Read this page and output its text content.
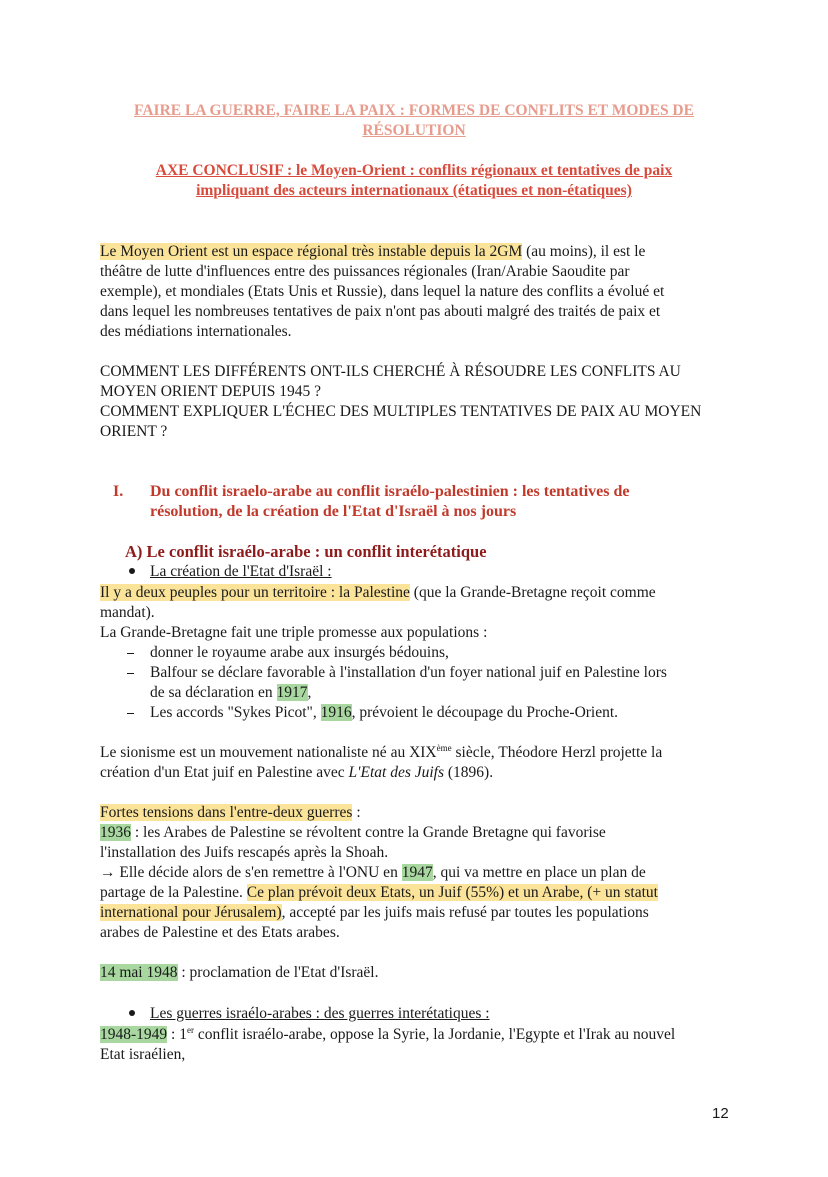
FAIRE LA GUERRE, FAIRE LA PAIX : FORMES DE CONFLITS ET MODES DE
RÉSOLUTION
AXE CONCLUSIF : le Moyen-Orient : conflits régionaux et tentatives de paix
impliquant des acteurs internationaux (étatiques et non-étatiques)
Le Moyen Orient est un espace régional très instable depuis la 2GM (au moins), il est le
théâtre de lutte d'influences entre des puissances régionales (Iran/Arabie Saoudite par
exemple), et mondiales (Etats Unis et Russie), dans lequel la nature des conflits a évolué et
dans lequel les nombreuses tentatives de paix n'ont pas abouti malgré des traités de paix et
des médiations internationales.
COMMENT LES DIFFÉRENTS ONT-ILS CHERCHÉ À RÉSOUDRE LES CONFLITS AU
MOYEN ORIENT DEPUIS 1945 ?
COMMENT EXPLIQUER L'ÉCHEC DES MULTIPLES TENTATIVES DE PAIX AU MOYEN
ORIENT ?
I. Du conflit israelo-arabe au conflit israélo-palestinien : les tentatives de
résolution, de la création de l'Etat d'Israël à nos jours
A) Le conflit israélo-arabe : un conflit interétatique
La création de l'Etat d'Israël :
Il y a deux peuples pour un territoire : la Palestine (que la Grande-Bretagne reçoit comme
mandat).
La Grande-Bretagne fait une triple promesse aux populations :
donner le royaume arabe aux insurgés bédouins,
Balfour se déclare favorable à l'installation d'un foyer national juif en Palestine lors
de sa déclaration en 1917,
Les accords "Sykes Picot", 1916, prévoient le découpage du Proche-Orient.
Le sionisme est un mouvement nationaliste né au XIXème siècle, Théodore Herzl projette la
création d'un Etat juif en Palestine avec L'Etat des Juifs (1896).
Fortes tensions dans l'entre-deux guerres :
1936 : les Arabes de Palestine se révoltent contre la Grande Bretagne qui favorise
l'installation des Juifs rescapés après la Shoah.
→ Elle décide alors de s'en remettre à l'ONU en 1947, qui va mettre en place un plan de
partage de la Palestine. Ce plan prévoit deux Etats, un Juif (55%) et un Arabe, (+ un statut
international pour Jérusalem), accepté par les juifs mais refusé par toutes les populations
arabes de Palestine et des Etats arabes.
14 mai 1948 : proclamation de l'Etat d'Israël.
Les guerres israélo-arabes : des guerres interétatiques :
1948-1949 : 1er conflit israélo-arabe, oppose la Syrie, la Jordanie, l'Egypte et l'Irak au nouvel
Etat israélien,
12
